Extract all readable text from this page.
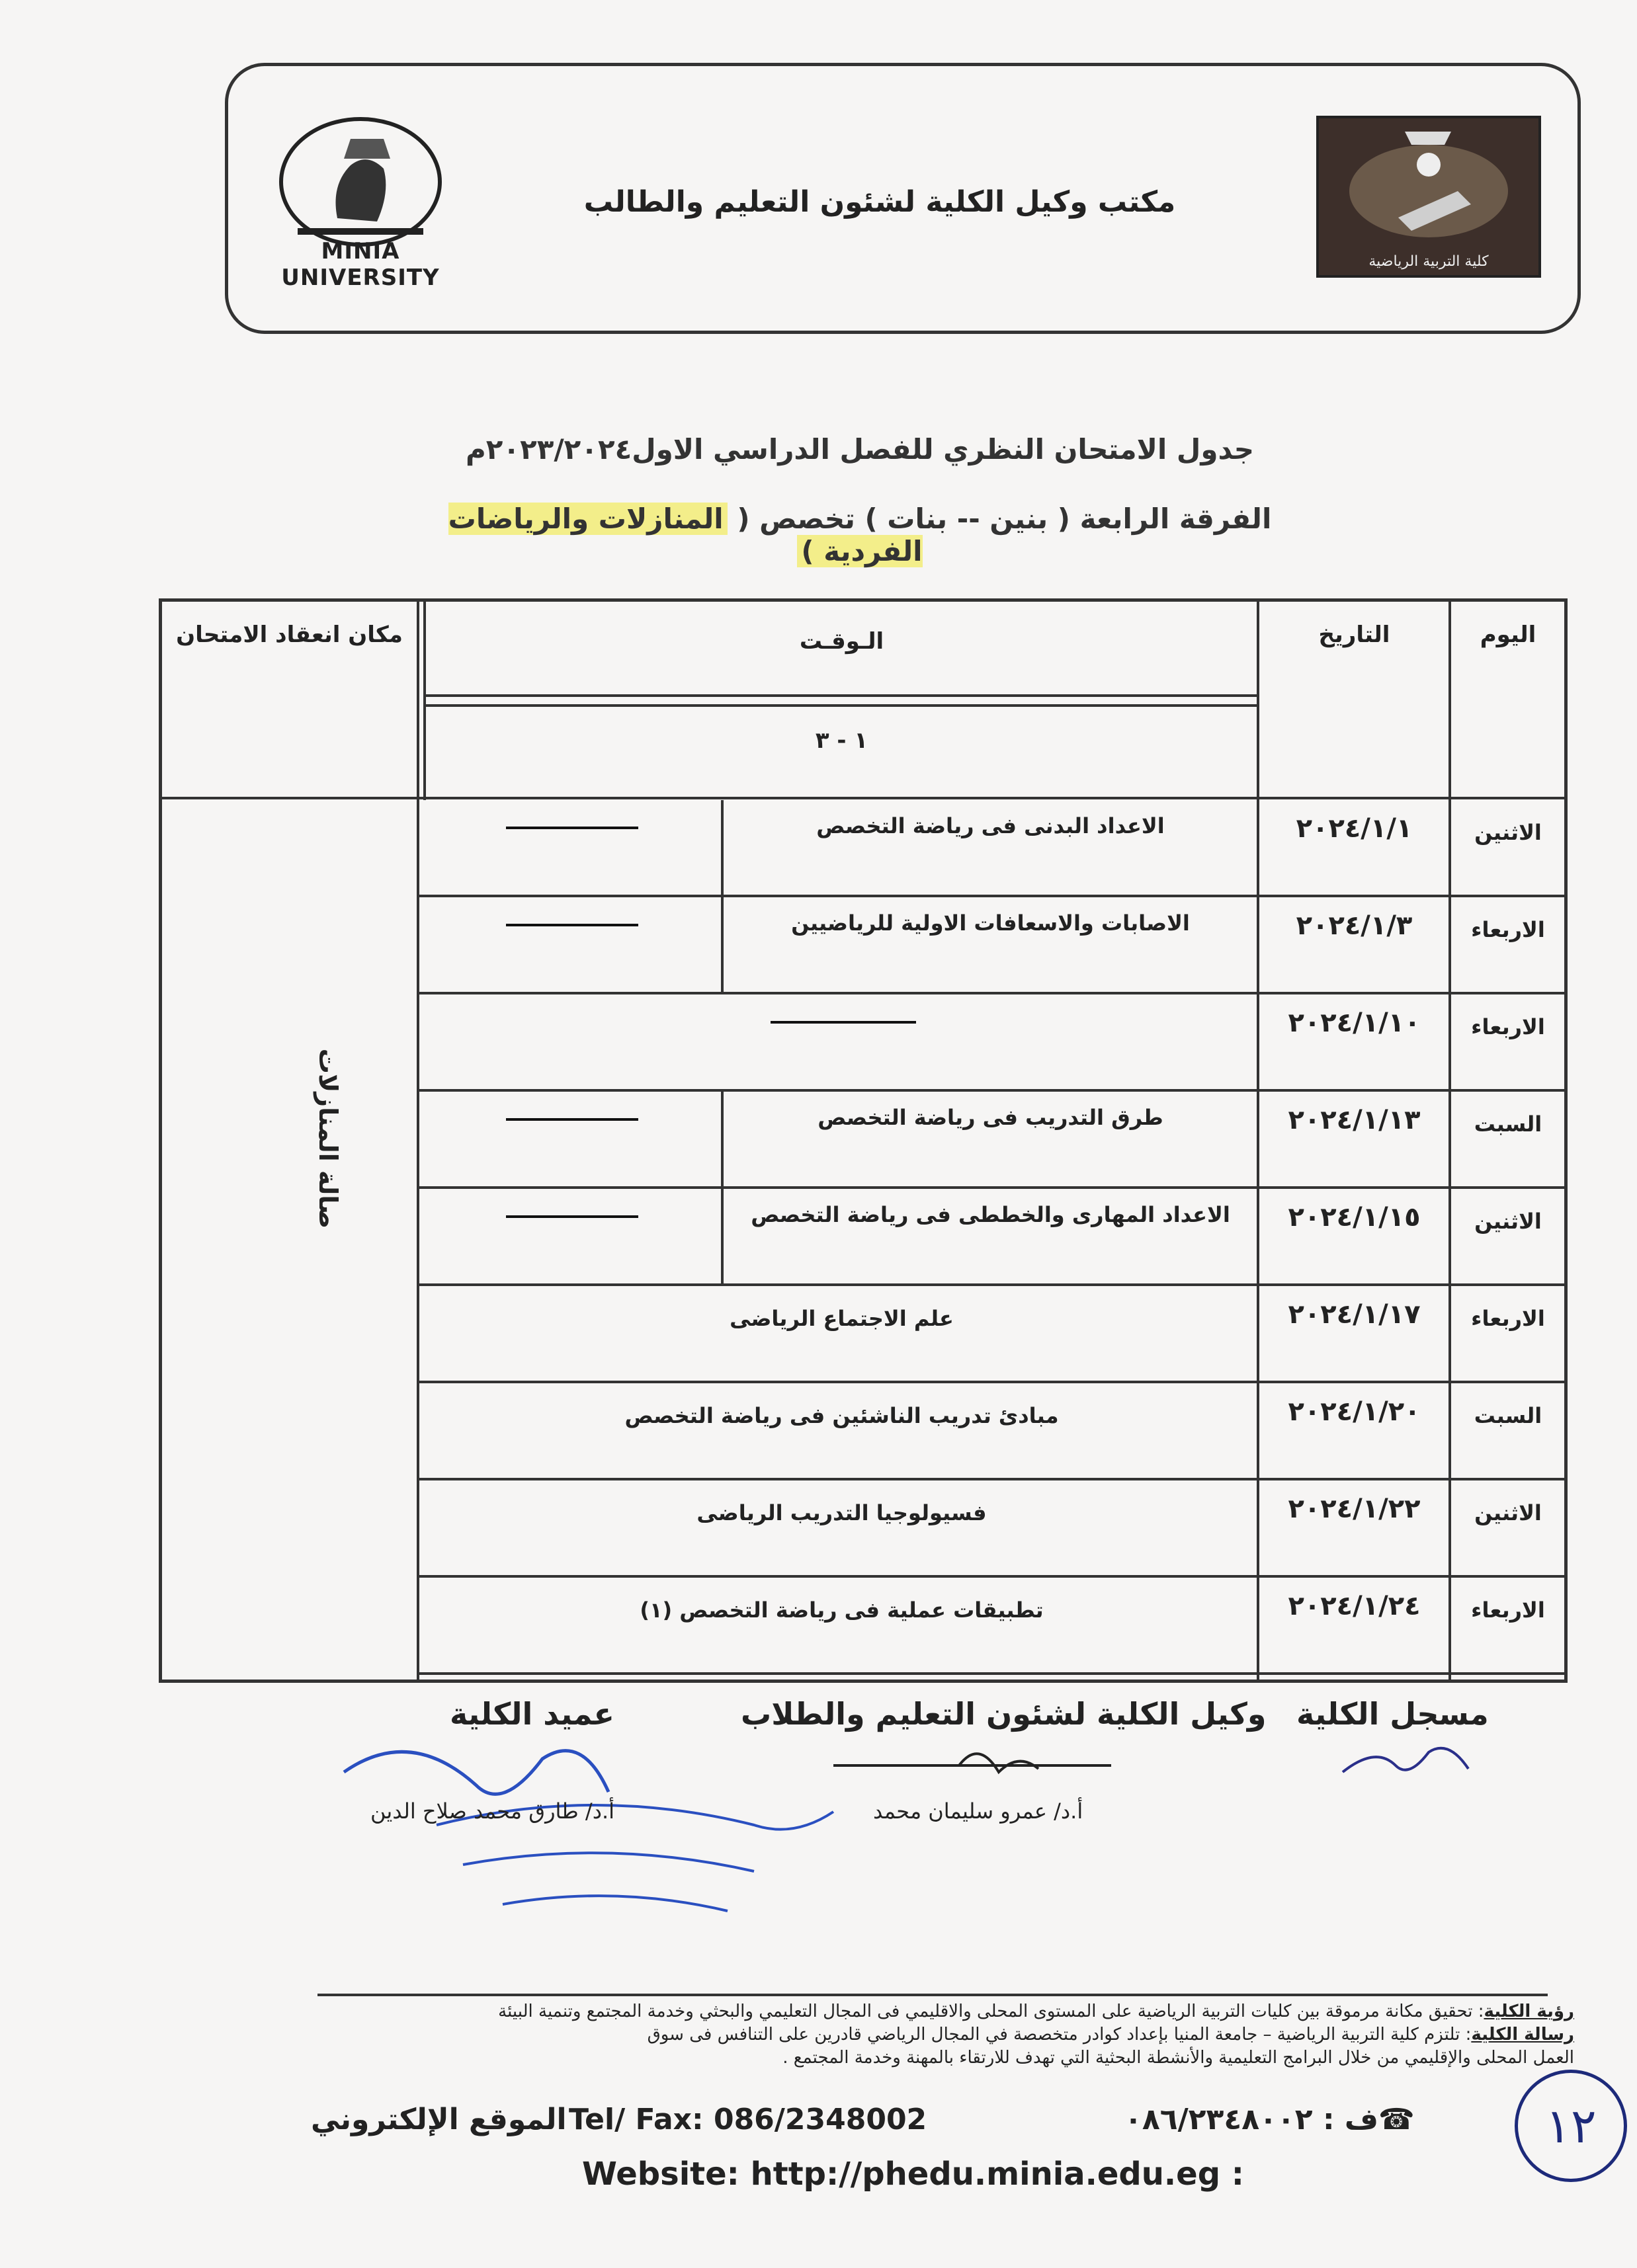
MINIA UNIVERSITY
مكتب وكيل الكلية لشئون التعليم والطالب
كلية التربية الرياضية
جدول الامتحان النظري للفصل الدراسي الاول٢٠٢٣/٢٠٢٤م
الفرقة الرابعة ( بنين -- بنات ) تخصص ( المنازلات والرياضات الفردية )
اليوم
التاريخ
الـوقـت
١ - ٣
مكان انعقاد الامتحان
الاثنين
٢٠٢٤/١/١
الاعداد البدنى فى رياضة التخصص
الاربعاء
٢٠٢٤/١/٣
الاصابات والاسعافات الاولية للرياضيين
الاربعاء
٢٠٢٤/١/١٠
السبت
٢٠٢٤/١/١٣
طرق التدريب فى رياضة التخصص
الاثنين
٢٠٢٤/١/١٥
الاعداد المهارى والخططى فى رياضة التخصص
الاربعاء
٢٠٢٤/١/١٧
علم الاجتماع الرياضى
السبت
٢٠٢٤/١/٢٠
مبادئ تدريب الناشئين فى رياضة التخصص
الاثنين
٢٠٢٤/١/٢٢
فسيولوجيا التدريب الرياضى
الاربعاء
٢٠٢٤/١/٢٤
تطبيقات عملية فى رياضة التخصص (١)
صالة المنازلات
مسجل الكلية
وكيل الكلية لشئون التعليم والطلاب
عميد الكلية
أ.د/ عمرو سليمان محمد
أ.د/ طارق محمد صلاح الدين
رؤية الكلية: تحقيق مكانة مرموقة بين كليات التربية الرياضية على المستوى المحلى والاقليمي فى المجال التعليمي والبحثي وخدمة المجتمع وتنمية البيئة
رسالة الكلية: تلتزم كلية التربية الرياضية – جامعة المنيا بإعداد كوادر متخصصة في المجال الرياضي قادرين على التنافس فى سوق
العمل المحلى والإقليمي من خلال البرامج التعليمية والأنشطة البحثية التي تهدف للارتقاء بالمهنة وخدمة المجتمع .
☎ف : ٠٨٦/٢٣٤٨٠٠٢
Tel/ Fax: 086/2348002
الموقع الإلكتروني
Website: http://phedu.minia.edu.eg :
١٢
